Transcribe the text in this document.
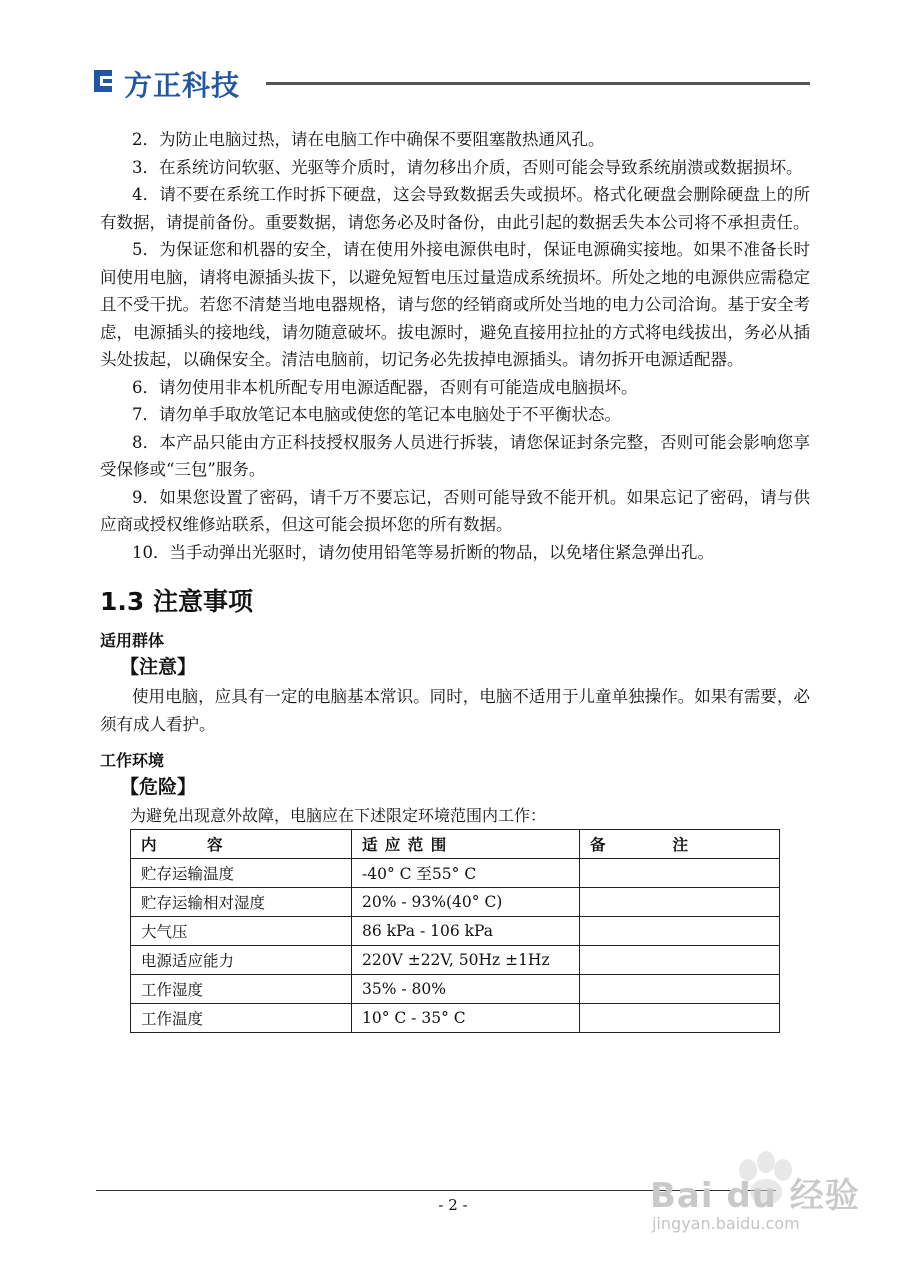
方正科技

2．为防止电脑过热，请在电脑工作中确保不要阻塞散热通风孔。

3．在系统访问软驱、光驱等介质时，请勿移出介质，否则可能会导致系统崩溃或数据损坏。

4．请不要在系统工作时拆下硬盘，这会导致数据丢失或损坏。格式化硬盘会删除硬盘上的所有数据，请提前备份。重要数据，请您务必及时备份，由此引起的数据丢失本公司将不承担责任。

5．为保证您和机器的安全，请在使用外接电源供电时，保证电源确实接地。如果不准备长时间使用电脑，请将电源插头拔下，以避免短暂电压过量造成系统损坏。所处之地的电源供应需稳定且不受干扰。若您不清楚当地电器规格，请与您的经销商或所处当地的电力公司洽询。基于安全考虑，电源插头的接地线，请勿随意破坏。拔电源时，避免直接用拉扯的方式将电线拔出，务必从插头处拔起，以确保安全。清洁电脑前，切记务必先拔掉电源插头。请勿拆开电源适配器。

6．请勿使用非本机所配专用电源适配器，否则有可能造成电脑损坏。

7．请勿单手取放笔记本电脑或使您的笔记本电脑处于不平衡状态。

8．本产品只能由方正科技授权服务人员进行拆装，请您保证封条完整，否则可能会影响您享受保修或“三包”服务。

9．如果您设置了密码，请千万不要忘记，否则可能导致不能开机。如果忘记了密码，请与供应商或授权维修站联系，但这可能会损坏您的所有数据。

10．当手动弹出光驱时，请勿使用铅笔等易折断的物品，以免堵住紧急弹出孔。

1.3 注意事项
适用群体
【注意】

使用电脑，应具有一定的电脑基本常识。同时，电脑不适用于儿童单独操作。如果有需要，必须有成人看护。

工作环境
【危险】

为避免出现意外故障，电脑应在下述限定环境范围内工作：

内　　　容	适 应 范 围	备　　　　注
贮存运输温度	-40° C 至55° C	
贮存运输相对湿度	20% - 93%(40° C)	
大气压	86 kPa - 106 kPa	
电源适应能力	220V ±22V, 50Hz ±1Hz	
工作湿度	35% - 80%	
工作温度	10° C - 35° C	
- 2 -	Bai du 经验
jingyan.baidu.com
